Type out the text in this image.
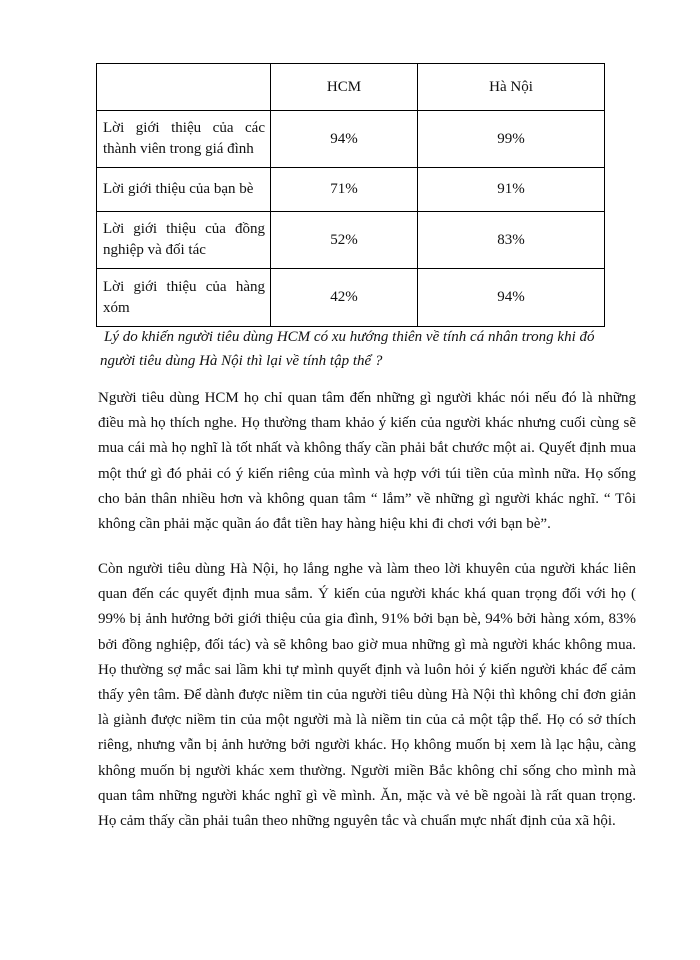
	HCM	Hà Nội
Lời giới thiệu của các thành viên trong giá đình	94%	99%
Lời giới thiệu của bạn bè	71%	91%
Lời giới thiệu của đồng nghiệp và đối tác	52%	83%
Lời giới thiệu của hàng xóm	42%	94%
Lý do khiến người tiêu dùng HCM có xu hướng thiên về tính cá nhân trong khi đó người tiêu dùng Hà Nội thì lại về tính tập thể ?

Người tiêu dùng HCM họ chỉ quan tâm đến những gì người khác nói nếu đó là những điều mà họ thích nghe. Họ thường tham khảo ý kiến của người khác nhưng cuối cùng sẽ mua cái mà họ nghĩ là tốt nhất và không thấy cần phải bắt chước một ai. Quyết định mua một thứ gì đó phải có ý kiến riêng của mình và hợp với túi tiền của mình nữa. Họ sống cho bản thân nhiều hơn và không quan tâm “ lắm” về những gì người khác nghĩ. “ Tôi không cần phải mặc quần áo đắt tiền hay hàng hiệu khi đi chơi với bạn bè”.

Còn người tiêu dùng Hà Nội, họ lắng nghe và làm theo lời khuyên của người khác liên quan đến các quyết định mua sắm. Ý kiến của người khác khá quan trọng đối với họ ( 99% bị ảnh hưởng bởi giới thiệu của gia đình, 91% bởi bạn bè, 94% bởi hàng xóm, 83% bởi đồng nghiệp, đối tác) và sẽ không bao giờ mua những gì mà người khác không mua. Họ thường sợ mắc sai lầm khi tự mình quyết định và luôn hỏi ý kiến người khác để cảm thấy yên tâm. Để dành được niềm tin của người tiêu dùng Hà Nội thì không chỉ đơn giản là giành được niềm tin của một người mà là niềm tin của cả một tập thể. Họ có sở thích riêng, nhưng vẫn bị ảnh hưởng bởi người khác. Họ không muốn bị xem là lạc hậu, càng không muốn bị người khác xem thường. Người miền Bắc không chỉ sống cho mình mà quan tâm những người khác nghĩ gì về mình. Ăn, mặc và vẻ bề ngoài là rất quan trọng. Họ cảm thấy cần phải tuân theo những nguyên tắc và chuẩn mực nhất định của xã hội.
